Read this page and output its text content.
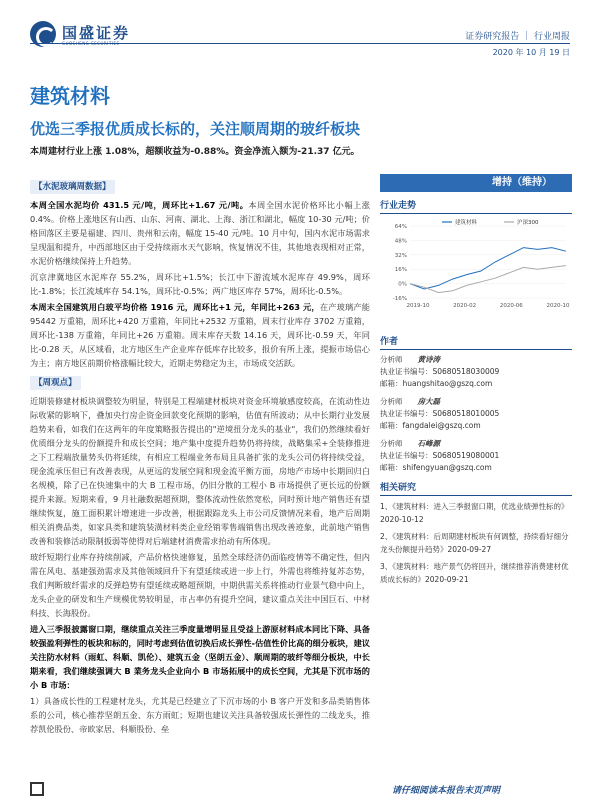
国盛证券
GUOSHENG SECURITIES
证券研究报告 ｜ 行业周报
2020 年 10 月 19 日
建筑材料
优选三季报优质成长标的，关注顺周期的玻纤板块
本周建材行业上涨 1.08%，超额收益为-0.88%。资金净流入额为-21.37 亿元。
【水泥玻璃周数据】
本周全国水泥均价 431.5 元/吨，周环比+1.67 元/吨。本周全国水泥价格环比小幅上涨 0.4%。价格上涨地区有山西、山东、河南、湖北、上海、浙江和湖北，幅度 10-30 元/吨；价格回落区主要是福建、四川、贵州和云南，幅度 15-40 元/吨。10 月中旬，国内水泥市场需求呈现温和提升，中西部地区由于受持续雨水天气影响，恢复情况不佳，其他地表现相对正常，水泥价格继续保持上升趋势。
沉京津冀地区水泥库存 55.2%，周环比+1.5%；长江中下游流域水泥库存 49.9%，周环比-1.8%；长江流域库存 54.1%，周环比-0.5%；两广地区库存 57%，周环比-0.5%。
本周末全国建筑用白玻平均价格 1916 元，周环比+1 元，年同比+263 元，在产玻璃产能 95442 万重箱，周环比+420 万重箱，年同比+2532 万重箱，周末行业库存 3702 万重箱，周环比-138 万重箱，年同比+26 万重箱。周末库存天数 14.16 天，周环比-0.59 天，年同比-0.28 天，从区域看，北方地区生产企业库存低库存比较多，报价有所上涨，提振市场信心为主；南方地区前期价格涨幅比较大，近期走势稳定为主，市场成交活跃。
【周观点】
近期装修建材板块调整较为明显，特别是工程端建材板块对资金环境敏感度较高，在流动性边际收紧的影响下，叠加央行房企资金回款变化预期的影响，估值有所波动；从中长期行业发展趋势来看，如我们在这两年的年度策略报告提出的"逆境扭分龙头的基业"，我们仍然继续看好优质细分龙头的份额提升和成长空间；地产集中度提升趋势仍将持续，战略集采+全装修推进之下工程端放量势头仍将延续，有相应工程端业务布局且具备扩张的龙头公司仍将持续受益，现金流承压但已有改善表现，从更远的发展空间和现金流平衡方面，房地产市场中长期回归白名规模，除了已在快速集中的大 B 工程市场，仍旧分散的工程小 B 市场提供了更长远的份额提升来源。短期来看，9 月社融数据超预期，整体流动性依然宽松，同时预计地产销售还有望继续恢复，施工面积累计增速进一步改善，根据跟踪龙头上市公司反馈情况来看，地产后周期相关消费品类，如家具类和建筑装潢材料类企业经销零售端销售出现改善迹象，此前地产销售改善和装修活动限制扳弱等使得对后端建材消费需求抬动有所体现。
玻纤短期行业库存持续削减，产品价格快速修复，虽然全球经济仍面临疫情等不确定性，但内需在风电、基建强劲需求及其他领域回升下有望延续或进一步上行，外需也将维持复苏态势，我们判断玻纤需求的反弹趋势有望延续或略超预期，中期供需关系将推动行业景气稳中向上，龙头企业的研发和生产规模优势较明显，市占率仍有提升空间，建议重点关注中国巨石、中材科技、长海股份。
进入三季报披露窗口期，继续重点关注三季度量增明显且受益上游原材料成本同比下降、具备较强盈利弹性的板块和标的，同时考虑到估值切换后成长弹性-估值性价比高的细分板块，建议关注防水材料（雨虹、科顺、凯伦）、建筑五金（坚朗五金）、顺周期的玻纤等细分板块，中长期来看，我们继续强调大 B 業务龙头企业向小 B 市场拓展中的成长空间，尤其是下沉市场的小 B 市场：
1）具备成长性的工程建材龙头，尤其是已经建立了下沉市场的小 B 客户开发和多品类销售体系的公司，核心推荐坚朗五金、东方雨虹；短期也建议关注具备较强成长弹性的二线龙头，推荐凯伦股份、帝欧家居、科顺股份、垒
增持（维持）
行业走势
64%
48%
32%
16%
0%
-16%
2019-10	2020-02	2020-06	2020-10
建筑材料	沪深300
作者
分析师　　黄诗涛
执业证书编号：S0680518030009
邮箱：huangshitao@gszq.com
分析师　　房大磊
执业证书编号：S0680518010005
邮箱：fangdalei@gszq.com
分析师　　石峰源
执业证书编号：S0680519080001
邮箱：shifengyuan@gszq.com
相关研究
1、《建筑材料：进入三季报窗口期，优选业绩弹性标的》2020-10-12
2、《建筑材料：后周期建材板块有何调整，持续看好细分龙头份额提升趋势》2020-09-27
3、《建筑材料：地产景气仍将回升，继续推荐消费建材优质成长标的》2020-09-21
请仔细阅读本报告末页声明
